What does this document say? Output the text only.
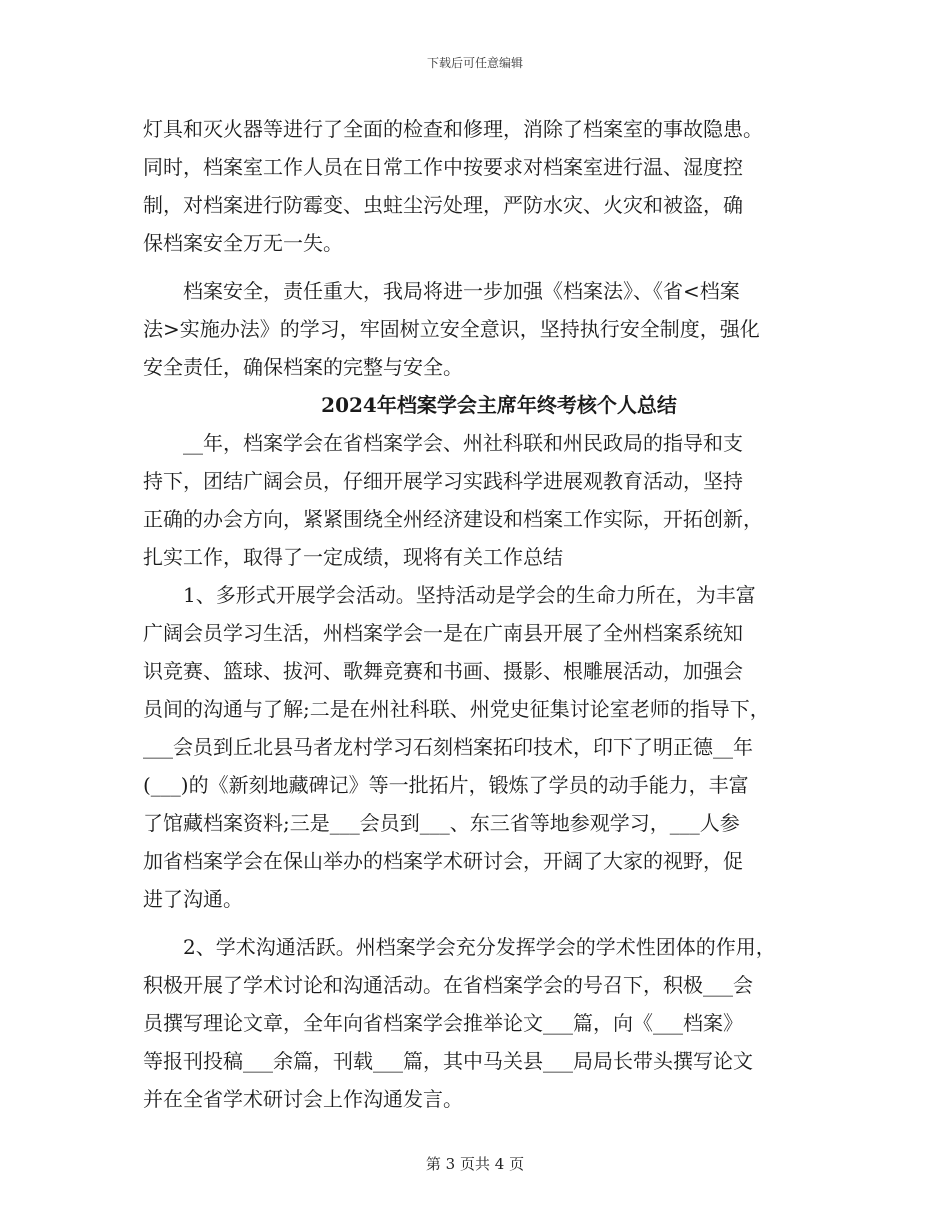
下载后可任意编辑
灯具和灭火器等进行了全面的检查和修理，消除了档案室的事故隐患。
同时，档案室工作人员在日常工作中按要求对档案室进行温、湿度控
制，对档案进行防霉变、虫蛀尘污处理，严防水灾、火灾和被盗，确
保档案安全万无一失。
档案安全，责任重大，我局将进一步加强《档案法》、《省<档案
法>实施办法》的学习，牢固树立安全意识，坚持执行安全制度，强化
安全责任，确保档案的完整与安全。
2024年档案学会主席年终考核个人总结
__年，档案学会在省档案学会、州社科联和州民政局的指导和支
持下，团结广阔会员，仔细开展学习实践科学进展观教育活动，坚持
正确的办会方向，紧紧围绕全州经济建设和档案工作实际，开拓创新，
扎实工作，取得了一定成绩，现将有关工作总结
1、多形式开展学会活动。坚持活动是学会的生命力所在，为丰富
广阔会员学习生活，州档案学会一是在广南县开展了全州档案系统知
识竞赛、篮球、拔河、歌舞竞赛和书画、摄影、根雕展活动，加强会
员间的沟通与了解;二是在州社科联、州党史征集讨论室老师的指导下，
___会员到丘北县马者龙村学习石刻档案拓印技术，印下了明正德__年
(___)的《新刻地藏碑记》等一批拓片，锻炼了学员的动手能力，丰富
了馆藏档案资料;三是___会员到___、东三省等地参观学习，___人参
加省档案学会在保山举办的档案学术研讨会，开阔了大家的视野，促
进了沟通。
2、学术沟通活跃。州档案学会充分发挥学会的学术性团体的作用，
积极开展了学术讨论和沟通活动。在省档案学会的号召下，积极___会
员撰写理论文章，全年向省档案学会推举论文___篇，向《___档案》
等报刊投稿___余篇，刊载___篇，其中马关县___局局长带头撰写论文
并在全省学术研讨会上作沟通发言。
第 3 页共 4 页
